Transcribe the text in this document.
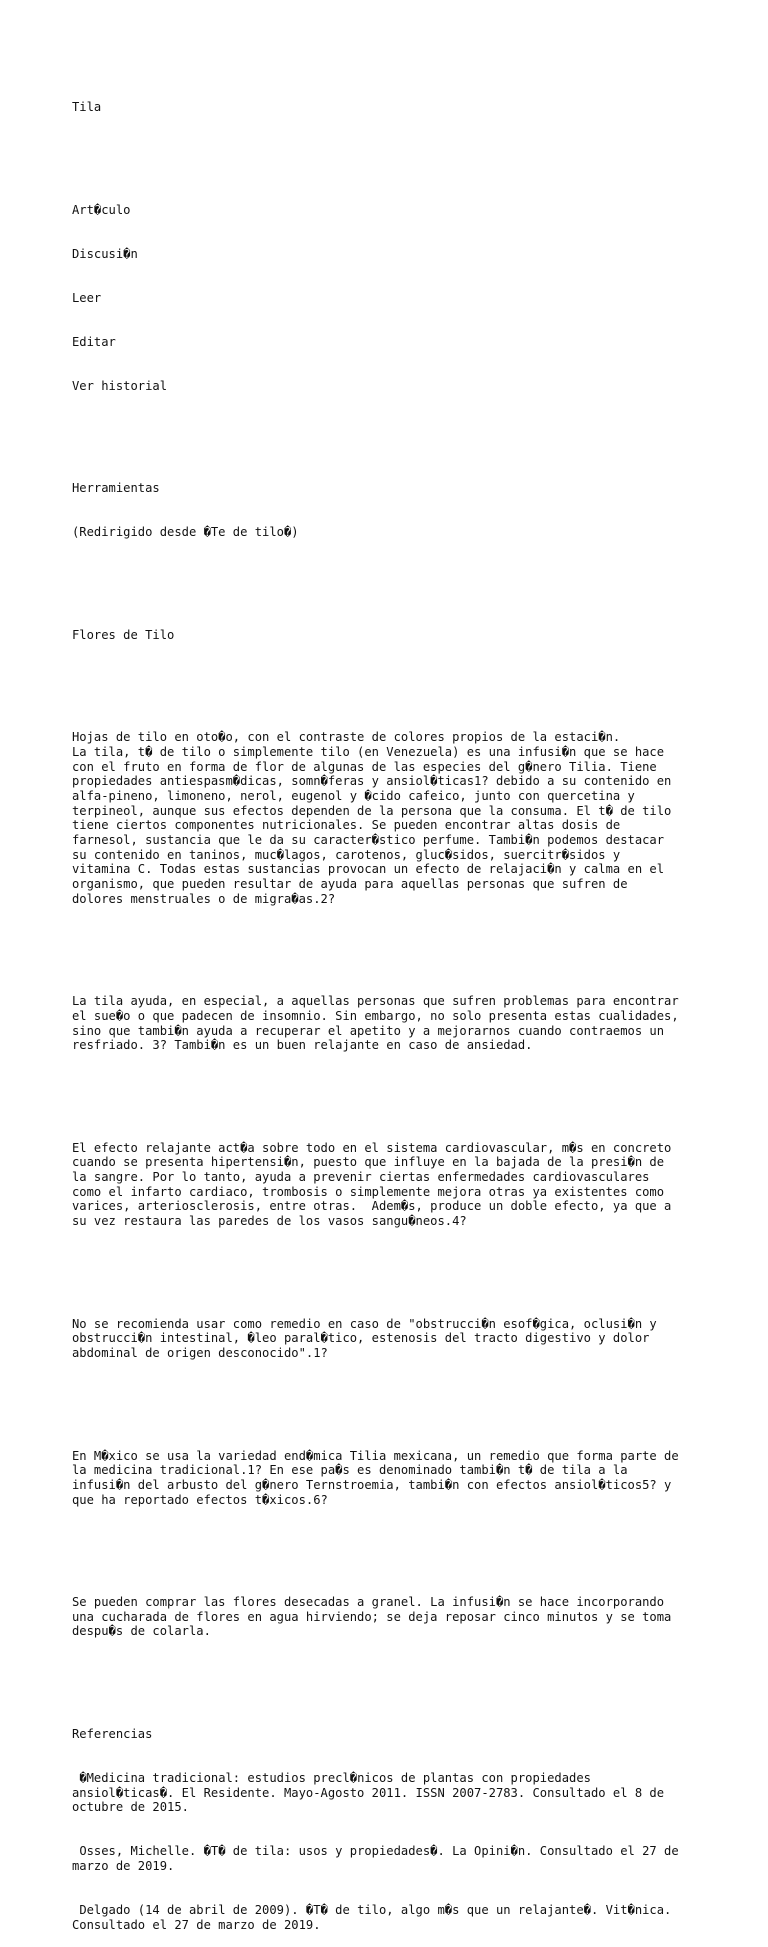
Tila

Art�culo

Discusi�n

Leer

Editar

Ver historial

Herramientas

(Redirigido desde �Te de tilo�)

Flores de Tilo

Hojas de tilo en oto�o, con el contraste de colores propios de la estaci�n.
La tila, t� de tilo o simplemente tilo (en Venezuela) es una infusi�n que se hace
con el fruto en forma de flor de algunas de las especies del g�nero Tilia. Tiene
propiedades antiespasm�dicas, somn�feras y ansiol�ticas1? debido a su contenido en
alfa-pineno, limoneno, nerol, eugenol y �cido cafeico, junto con quercetina y
terpineol, aunque sus efectos dependen de la persona que la consuma. El t� de tilo
tiene ciertos componentes nutricionales. Se pueden encontrar altas dosis de
farnesol, sustancia que le da su caracter�stico perfume. Tambi�n podemos destacar
su contenido en taninos, muc�lagos, carotenos, gluc�sidos, suercitr�sidos y
vitamina C. Todas estas sustancias provocan un efecto de relajaci�n y calma en el
organismo, que pueden resultar de ayuda para aquellas personas que sufren de
dolores menstruales o de migra�as.2?

La tila ayuda, en especial, a aquellas personas que sufren problemas para encontrar
el sue�o o que padecen de insomnio. Sin embargo, no solo presenta estas cualidades,
sino que tambi�n ayuda a recuperar el apetito y a mejorarnos cuando contraemos un
resfriado. 3? Tambi�n es un buen relajante en caso de ansiedad.

El efecto relajante act�a sobre todo en el sistema cardiovascular, m�s en concreto
cuando se presenta hipertensi�n, puesto que influye en la bajada de la presi�n de
la sangre. Por lo tanto, ayuda a prevenir ciertas enfermedades cardiovasculares
como el infarto cardiaco, trombosis o simplemente mejora otras ya existentes como
varices, arteriosclerosis, entre otras.  Adem�s, produce un doble efecto, ya que a
su vez restaura las paredes de los vasos sangu�neos.4?

No se recomienda usar como remedio en caso de "obstrucci�n esof�gica, oclusi�n y
obstrucci�n intestinal, �leo paral�tico, estenosis del tracto digestivo y dolor
abdominal de origen desconocido".1?

En M�xico se usa la variedad end�mica Tilia mexicana, un remedio que forma parte de
la medicina tradicional.1? En ese pa�s es denominado tambi�n t� de tila a la
infusi�n del arbusto del g�nero Ternstroemia, tambi�n con efectos ansiol�ticos5? y
que ha reportado efectos t�xicos.6?

Se pueden comprar las flores desecadas a granel. La infusi�n se hace incorporando
una cucharada de flores en agua hirviendo; se deja reposar cinco minutos y se toma
despu�s de colarla.

Referencias

�Medicina tradicional: estudios precl�nicos de plantas con propiedades
ansiol�ticas�. El Residente. Mayo-Agosto 2011. ISSN 2007-2783. Consultado el 8 de
octubre de 2015.

Osses, Michelle. �T� de tila: usos y propiedades�. La Opini�n. Consultado el 27 de
marzo de 2019.

Delgado (14 de abril de 2009). �T� de tilo, algo m�s que un relajante�. Vit�nica.
Consultado el 27 de marzo de 2019.
